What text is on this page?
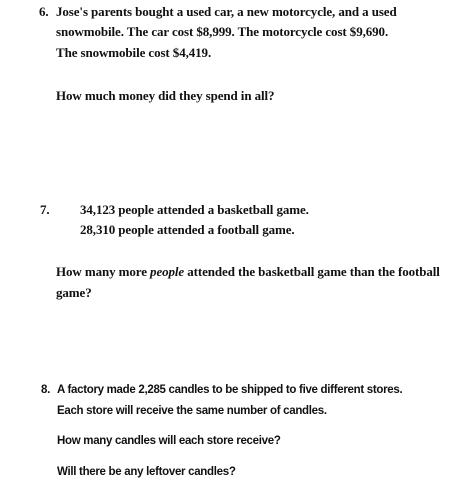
6. Jose's parents bought a used car, a new motorcycle, and a used
snowmobile. The car cost $8,999. The motorcycle cost $9,690.
The snowmobile cost $4,419.
How much money did they spend in all?
7. 34,123 people attended a basketball game.
28,310 people attended a football game.
How many more people attended the basketball game than the football
game?
8. A factory made 2,285 candles to be shipped to five different stores.
Each store will receive the same number of candles.
How many candles will each store receive?
Will there be any leftover candles?
